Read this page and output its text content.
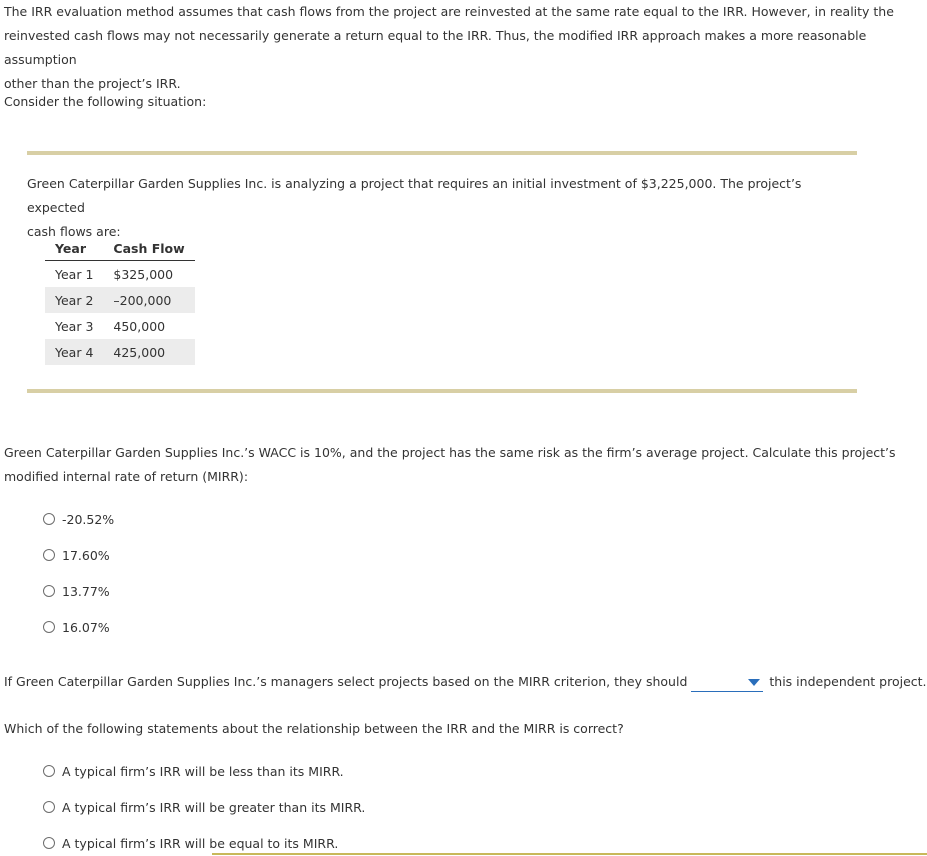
The IRR evaluation method assumes that cash flows from the project are reinvested at the same rate equal to the IRR. However, in reality the
reinvested cash flows may not necessarily generate a return equal to the IRR. Thus, the modified IRR approach makes a more reasonable assumption
other than the project’s IRR.

Consider the following situation:

Green Caterpillar Garden Supplies Inc. is analyzing a project that requires an initial investment of $3,225,000. The project’s expected
cash flows are:

Year	Cash Flow
Year 1	$325,000
Year 2	–200,000
Year 3	450,000
Year 4	425,000

Green Caterpillar Garden Supplies Inc.’s WACC is 10%, and the project has the same risk as the firm’s average project. Calculate this project’s
modified internal rate of return (MIRR):

-20.52%
17.60%
13.77%
16.07%
If Green Caterpillar Garden Supplies Inc.’s managers select projects based on the MIRR criterion, they should	this independent project.

Which of the following statements about the relationship between the IRR and the MIRR is correct?

A typical firm’s IRR will be less than its MIRR.
A typical firm’s IRR will be greater than its MIRR.
A typical firm’s IRR will be equal to its MIRR.
